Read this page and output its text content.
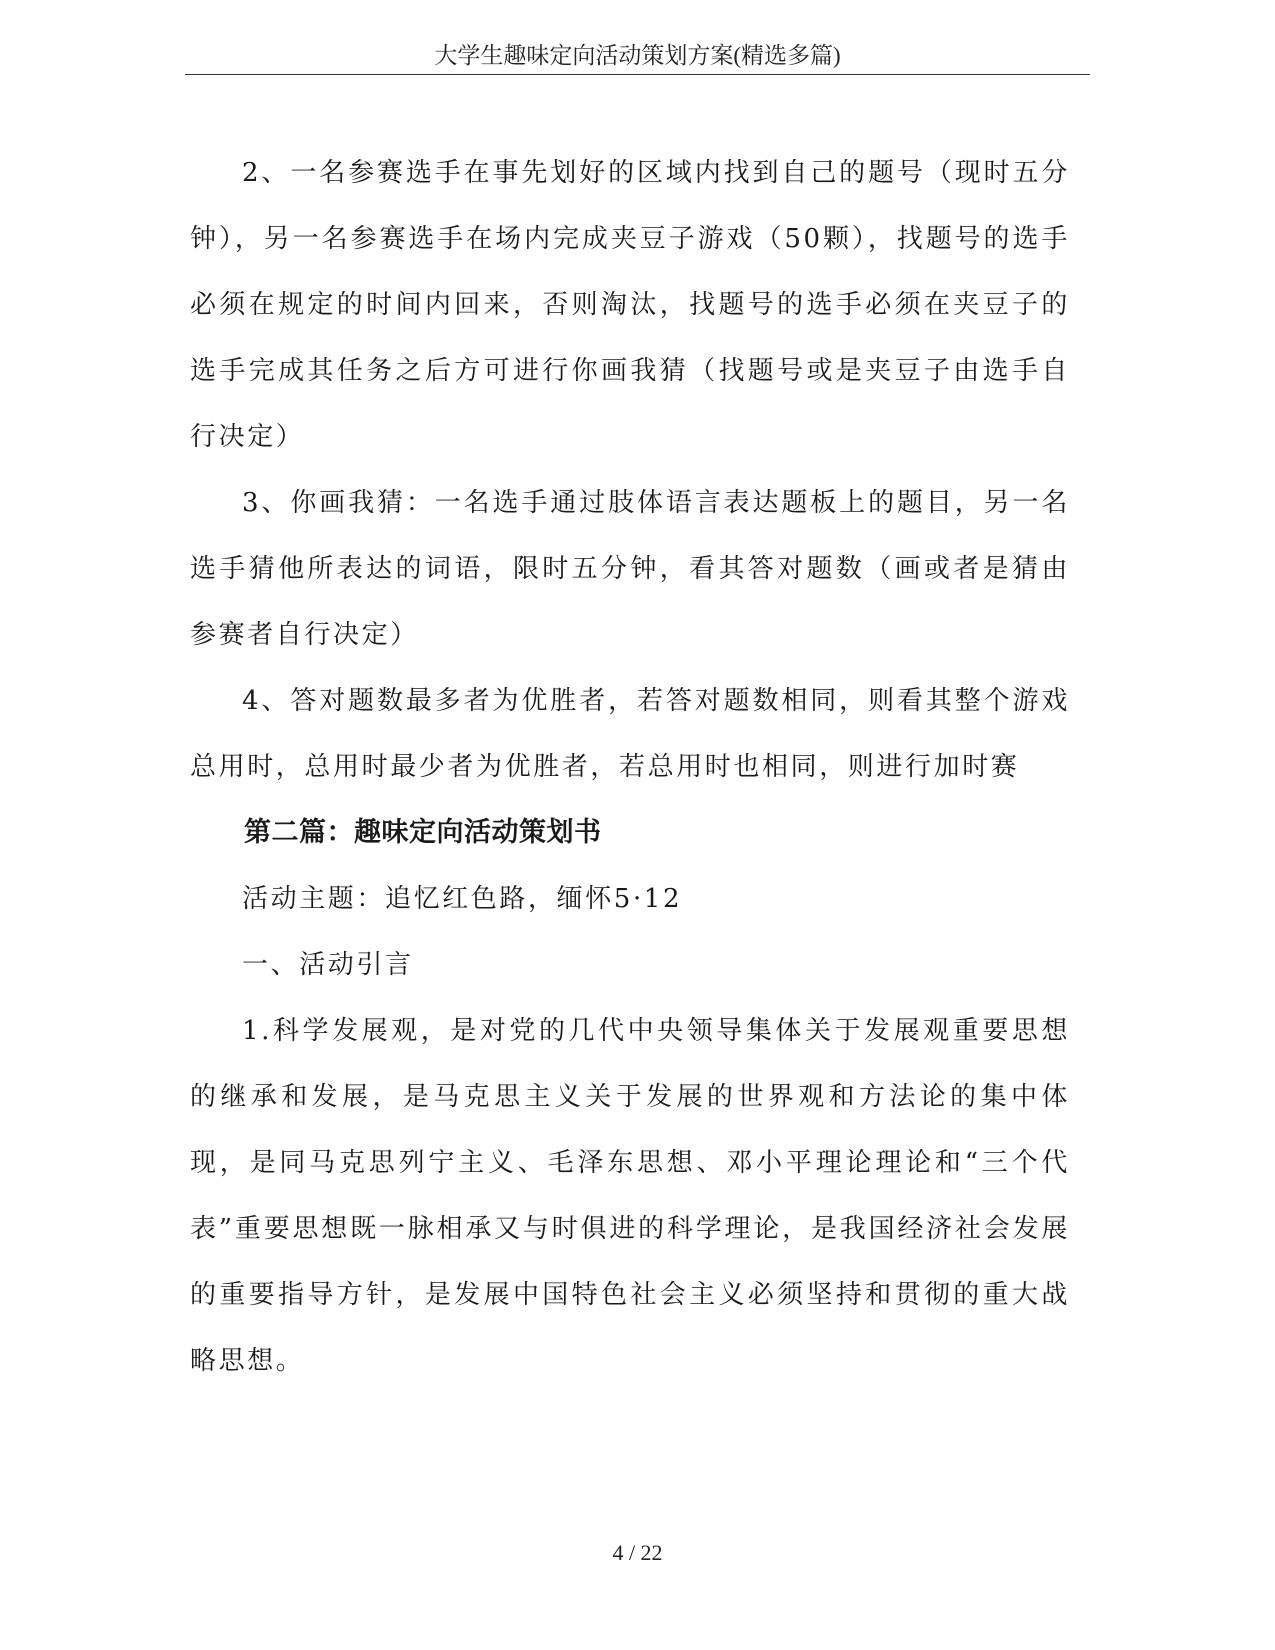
大学生趣味定向活动策划方案(精选多篇)

2、一名参赛选手在事先划好的区域内找到自己的题号（现时五分钟），另一名参赛选手在场内完成夹豆子游戏（50颗），找题号的选手必须在规定的时间内回来，否则淘汰，找题号的选手必须在夹豆子的选手完成其任务之后方可进行你画我猜（找题号或是夹豆子由选手自行决定）

3、你画我猜：一名选手通过肢体语言表达题板上的题目，另一名选手猜他所表达的词语，限时五分钟，看其答对题数（画或者是猜由参赛者自行决定）

4、答对题数最多者为优胜者，若答对题数相同，则看其整个游戏总用时，总用时最少者为优胜者，若总用时也相同，则进行加时赛

第二篇：趣味定向活动策划书

活动主题：追忆红色路，缅怀5·12

一、活动引言

1.科学发展观，是对党的几代中央领导集体关于发展观重要思想的继承和发展，是马克思主义关于发展的世界观和方法论的集中体现，是同马克思列宁主义、毛泽东思想、邓小平理论理论和“三个代表”重要思想既一脉相承又与时俱进的科学理论，是我国经济社会发展的重要指导方针，是发展中国特色社会主义必须坚持和贯彻的重大战略思想。

4 / 22
